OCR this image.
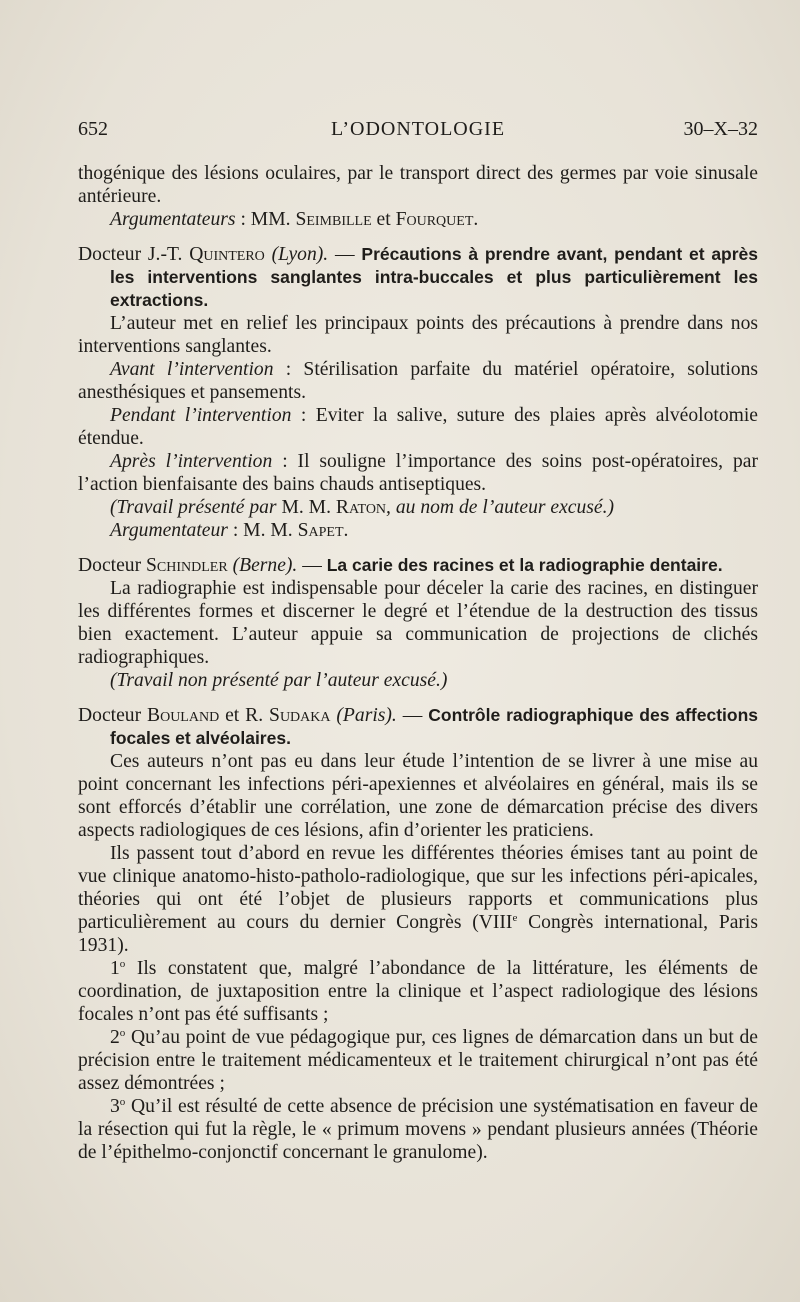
652	L’ODONTOLOGIE	30–X–32

thogénique des lésions oculaires, par le transport direct des germes par voie sinusale antérieure.

Argumentateurs : MM. Seimbille et Fourquet.

Docteur J.-T. Quintero (Lyon). — Précautions à prendre avant, pendant et après les interventions sanglantes intra-buccales et plus particulièrement les extractions.

L’auteur met en relief les principaux points des précautions à prendre dans nos interventions sanglantes.

Avant l’intervention : Stérilisation parfaite du matériel opératoire, solutions anesthésiques et pansements.

Pendant l’intervention : Eviter la salive, suture des plaies après alvéolotomie étendue.

Après l’intervention : Il souligne l’importance des soins post-opératoires, par l’action bienfaisante des bains chauds antiseptiques.

(Travail présenté par M. M. Raton, au nom de l’auteur excusé.)

Argumentateur : M. M. Sapet.

Docteur Schindler (Berne). — La carie des racines et la radiographie dentaire.

La radiographie est indispensable pour déceler la carie des racines, en distinguer les différentes formes et discerner le degré et l’étendue de la destruction des tissus bien exactement. L’auteur appuie sa communication de projections de clichés radiographiques.

(Travail non présenté par l’auteur excusé.)

Docteur Bouland et R. Sudaka (Paris). — Contrôle radiographique des affections focales et alvéolaires.

Ces auteurs n’ont pas eu dans leur étude l’intention de se livrer à une mise au point concernant les infections péri-apexiennes et alvéolaires en général, mais ils se sont efforcés d’établir une corrélation, une zone de démarcation précise des divers aspects radiologiques de ces lésions, afin d’orienter les praticiens.

Ils passent tout d’abord en revue les différentes théories émises tant au point de vue clinique anatomo-histo-patholo-radiologique, que sur les infections péri-apicales, théories qui ont été l’objet de plusieurs rapports et communications plus particulièrement au cours du dernier Congrès (VIIIe Congrès international, Paris 1931).

1$^o$ Ils constatent que, malgré l’abondance de la littérature, les éléments de coordination, de juxtaposition entre la clinique et l’aspect radiologique des lésions focales n’ont pas été suffisants ;

2$^o$ Qu’au point de vue pédagogique pur, ces lignes de démarcation dans un but de précision entre le traitement médicamenteux et le traitement chirurgical n’ont pas été assez démontrées ;

3$^o$ Qu’il est résulté de cette absence de précision une systématisation en faveur de la résection qui fut la règle, le « primum movens » pendant plusieurs années (Théorie de l’épithelmo-conjonctif concernant le granulome).
